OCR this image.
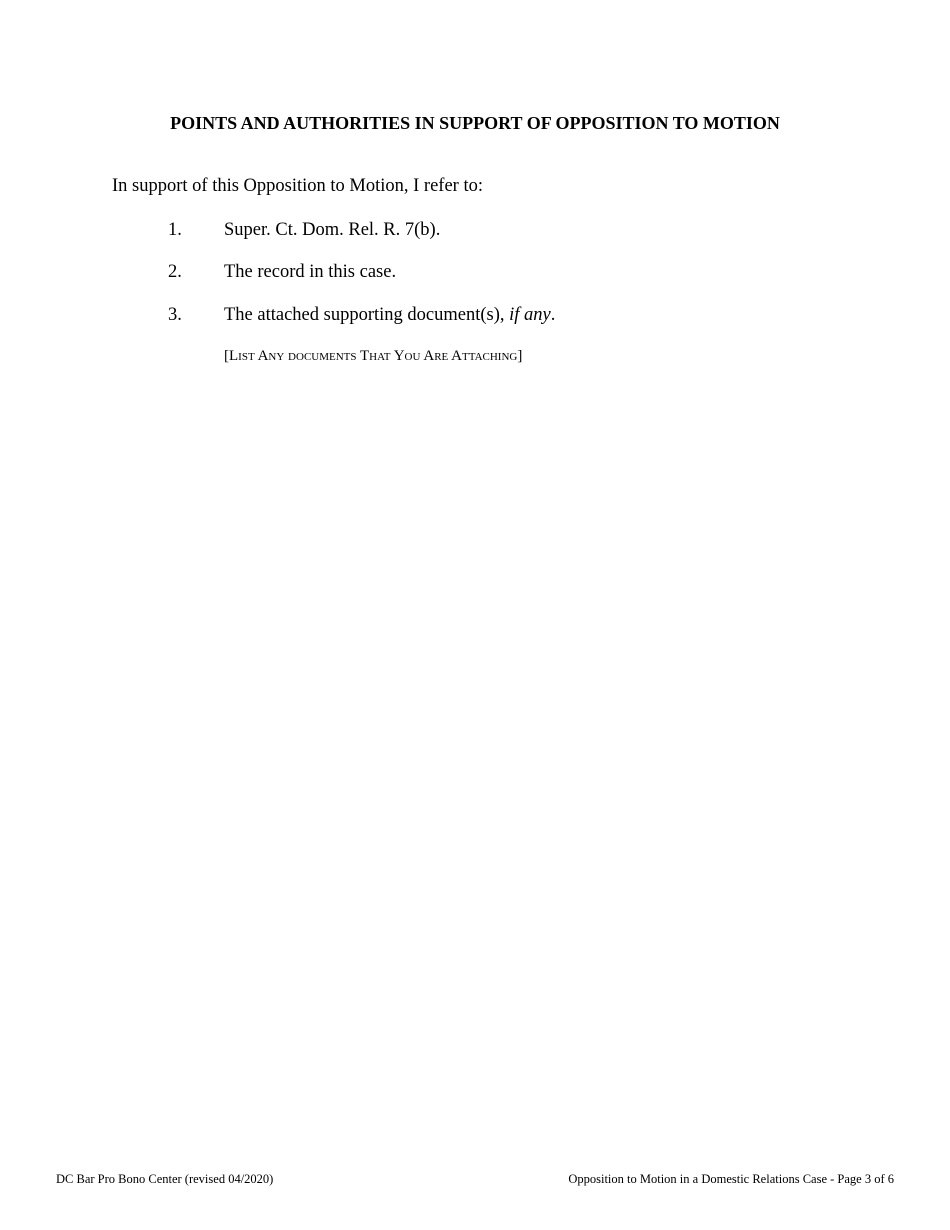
POINTS AND AUTHORITIES IN SUPPORT OF OPPOSITION TO MOTION
In support of this Opposition to Motion, I refer to:
1.	Super. Ct. Dom. Rel. R. 7(b).
2.	The record in this case.
3.	The attached supporting document(s), if any.
[List Any documents That You Are Attaching]
DC Bar Pro Bono Center (revised 04/2020)	Opposition to Motion in a Domestic Relations Case - Page 3 of 6
